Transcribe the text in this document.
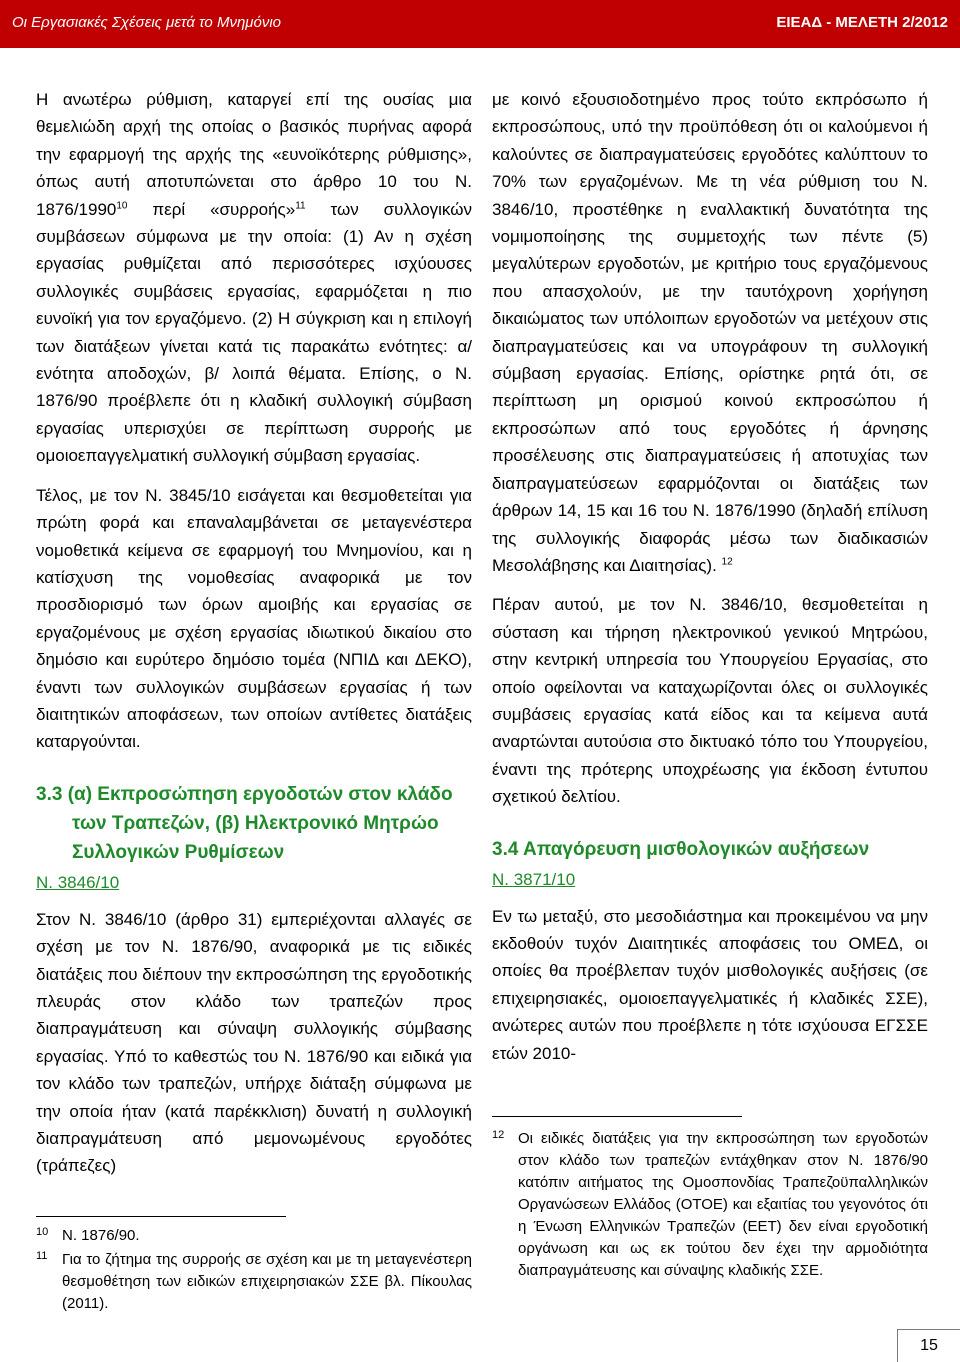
Οι Εργασιακές Σχέσεις μετά το Μνημόνιο	ΕΙΕΑΔ - ΜΕΛΕΤΗ 2/2012

Η ανωτέρω ρύθμιση, καταργεί επί της ουσίας μια θεμελιώδη αρχή της οποίας ο βασικός πυρήνας αφορά την εφαρμογή της αρχής της «ευνοϊκότερης ρύθμισης», όπως αυτή αποτυπώνεται στο άρθρο 10 του Ν. 1876/1990$^{10}$ περί «συρροής»$^{11}$ των συλλογικών συμβάσεων σύμφωνα με την οποία: (1) Αν η σχέση εργασίας ρυθμίζεται από περισσότερες ισχύουσες συλλογικές συμβάσεις εργασίας, εφαρμόζεται η πιο ευνοϊκή για τον εργαζόμενο. (2) Η σύγκριση και η επιλογή των διατάξεων γίνεται κατά τις παρακάτω ενότητες: α/ ενότητα αποδοχών, β/ λοιπά θέματα. Επίσης, ο Ν. 1876/90 προέβλεπε ότι η κλαδική συλλογική σύμβαση εργασίας υπερισχύει σε περίπτωση συρροής με ομοιοεπαγγελματική συλλογική σύμβαση εργασίας.

Τέλος, με τον Ν. 3845/10 εισάγεται και θεσμοθετείται για πρώτη φορά και επαναλαμβάνεται σε μεταγενέστερα νομοθετικά κείμενα σε εφαρμογή του Μνημονίου, και η κατίσχυση της νομοθεσίας αναφορικά με τον προσδιορισμό των όρων αμοιβής και εργασίας σε εργαζομένους με σχέση εργασίας ιδιωτικού δικαίου στο δημόσιο και ευρύτερο δημόσιο τομέα (ΝΠΙΔ και ΔΕΚΟ), έναντι των συλλογικών συμβάσεων εργασίας ή των διαιτητικών αποφάσεων, των οποίων αντίθετες διατάξεις καταργούνται.

3.3 (α) Εκπροσώπηση εργοδοτών στον κλάδο των Τραπεζών, (β) Ηλεκτρονικό Μητρώο Συλλογικών Ρυθμίσεων
Ν. 3846/10

Στον Ν. 3846/10 (άρθρο 31) εμπεριέχονται αλλαγές σε σχέση με τον Ν. 1876/90, αναφορικά με τις ειδικές διατάξεις που διέπουν την εκπροσώπηση της εργοδοτικής πλευράς στον κλάδο των τραπεζών προς διαπραγμάτευση και σύναψη συλλογικής σύμβασης εργασίας. Υπό το καθεστώς του Ν. 1876/90 και ειδικά για τον κλάδο των τραπεζών, υπήρχε διάταξη σύμφωνα με την οποία ήταν (κατά παρέκκλιση) δυνατή η συλλογική διαπραγμάτευση από μεμονωμένους εργοδότες (τράπεζες)

10 Ν. 1876/90.
11 Για το ζήτημα της συρροής σε σχέση και με τη μεταγενέστερη θεσμοθέτηση των ειδικών επιχειρησιακών ΣΣΕ βλ. Πίκουλας (2011).

με κοινό εξουσιοδοτημένο προς τούτο εκπρόσωπο ή εκπροσώπους, υπό την προϋπόθεση ότι οι καλούμενοι ή καλούντες σε διαπραγματεύσεις εργοδότες καλύπτουν το 70% των εργαζομένων. Με τη νέα ρύθμιση του Ν. 3846/10, προστέθηκε η εναλλακτική δυνατότητα της νομιμοποίησης της συμμετοχής των πέντε (5) μεγαλύτερων εργοδοτών, με κριτήριο τους εργαζόμενους που απασχολούν, με την ταυτόχρονη χορήγηση δικαιώματος των υπόλοιπων εργοδοτών να μετέχουν στις διαπραγματεύσεις και να υπογράφουν τη συλλογική σύμβαση εργασίας. Επίσης, ορίστηκε ρητά ότι, σε περίπτωση μη ορισμού κοινού εκπροσώπου ή εκπροσώπων από τους εργοδότες ή άρνησης προσέλευσης στις διαπραγματεύσεις ή αποτυχίας των διαπραγματεύσεων εφαρμόζονται οι διατάξεις των άρθρων 14, 15 και 16 του Ν. 1876/1990 (δηλαδή επίλυση της συλλογικής διαφοράς μέσω των διαδικασιών Μεσολάβησης και Διαιτησίας). $^{12}$

Πέραν αυτού, με τον Ν. 3846/10, θεσμοθετείται η σύσταση και τήρηση ηλεκτρονικού γενικού Μητρώου, στην κεντρική υπηρεσία του Υπουργείου Εργασίας, στο οποίο οφείλονται να καταχωρίζονται όλες οι συλλογικές συμβάσεις εργασίας κατά είδος και τα κείμενα αυτά αναρτώνται αυτούσια στο δικτυακό τόπο του Υπουργείου, έναντι της πρότερης υποχρέωσης για έκδοση έντυπου σχετικού δελτίου.

3.4 Απαγόρευση μισθολογικών αυξήσεων
Ν. 3871/10

Εν τω μεταξύ, στο μεσοδιάστημα και προκειμένου να μην εκδοθούν τυχόν Διαιτητικές αποφάσεις του ΟΜΕΔ, οι οποίες θα προέβλεπαν τυχόν μισθολογικές αυξήσεις (σε επιχειρησιακές, ομοιοεπαγγελματικές ή κλαδικές ΣΣΕ), ανώτερες αυτών που προέβλεπε η τότε ισχύουσα ΕΓΣΣΕ ετών 2010-

12 Οι ειδικές διατάξεις για την εκπροσώπηση των εργοδοτών στον κλάδο των τραπεζών εντάχθηκαν στον Ν. 1876/90 κατόπιν αιτήματος της Ομοσπονδίας Τραπεζοϋπαλληλικών Οργανώσεων Ελλάδος (ΟΤΟΕ) και εξαιτίας του γεγονότος ότι η Ένωση Ελληνικών Τραπεζών (ΕΕΤ) δεν είναι εργοδοτική οργάνωση και ως εκ τούτου δεν έχει την αρμοδιότητα διαπραγμάτευσης και σύναψης κλαδικής ΣΣΕ.
15
